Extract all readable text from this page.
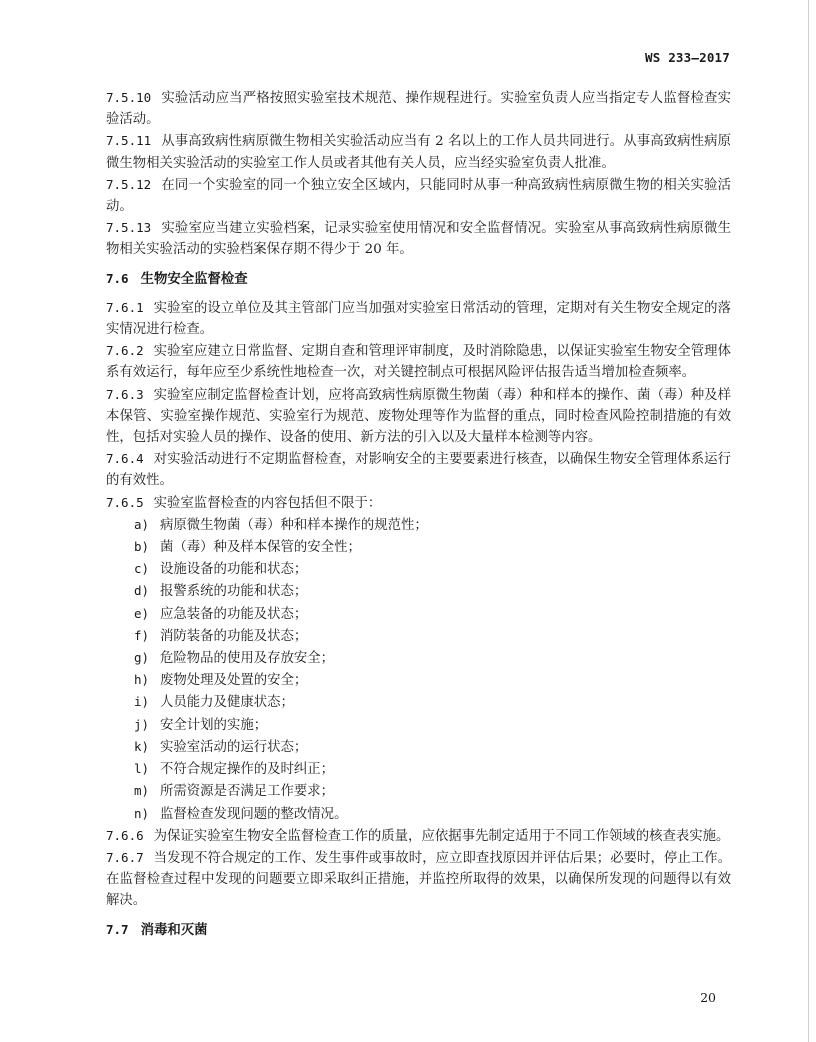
WS 233—2017
7.5.10 实验活动应当严格按照实验室技术规范、操作规程进行。实验室负责人应当指定专人监督检查实验活动。
7.5.11 从事高致病性病原微生物相关实验活动应当有 2 名以上的工作人员共同进行。从事高致病性病原微生物相关实验活动的实验室工作人员或者其他有关人员，应当经实验室负责人批准。
7.5.12 在同一个实验室的同一个独立安全区域内，只能同时从事一种高致病性病原微生物的相关实验活动。
7.5.13 实验室应当建立实验档案，记录实验室使用情况和安全监督情况。实验室从事高致病性病原微生物相关实验活动的实验档案保存期不得少于 20 年。
7.6 生物安全监督检查
7.6.1 实验室的设立单位及其主管部门应当加强对实验室日常活动的管理，定期对有关生物安全规定的落实情况进行检查。
7.6.2 实验室应建立日常监督、定期自查和管理评审制度，及时消除隐患，以保证实验室生物安全管理体系有效运行，每年应至少系统性地检查一次，对关键控制点可根据风险评估报告适当增加检查频率。
7.6.3 实验室应制定监督检查计划，应将高致病性病原微生物菌（毒）种和样本的操作、菌（毒）种及样本保管、实验室操作规范、实验室行为规范、废物处理等作为监督的重点，同时检查风险控制措施的有效性，包括对实验人员的操作、设备的使用、新方法的引入以及大量样本检测等内容。
7.6.4 对实验活动进行不定期监督检查，对影响安全的主要要素进行核查，以确保生物安全管理体系运行的有效性。
7.6.5 实验室监督检查的内容包括但不限于：
a) 病原微生物菌（毒）种和样本操作的规范性；
b) 菌（毒）种及样本保管的安全性；
c) 设施设备的功能和状态；
d) 报警系统的功能和状态；
e) 应急装备的功能及状态；
f) 消防装备的功能及状态；
g) 危险物品的使用及存放安全；
h) 废物处理及处置的安全；
i) 人员能力及健康状态；
j) 安全计划的实施；
k) 实验室活动的运行状态；
l) 不符合规定操作的及时纠正；
m) 所需资源是否满足工作要求；
n) 监督检查发现问题的整改情况。
7.6.6 为保证实验室生物安全监督检查工作的质量，应依据事先制定适用于不同工作领域的核查表实施。
7.6.7 当发现不符合规定的工作、发生事件或事故时，应立即查找原因并评估后果；必要时，停止工作。在监督检查过程中发现的问题要立即采取纠正措施，并监控所取得的效果，以确保所发现的问题得以有效解决。
7.7 消毒和灭菌
20
